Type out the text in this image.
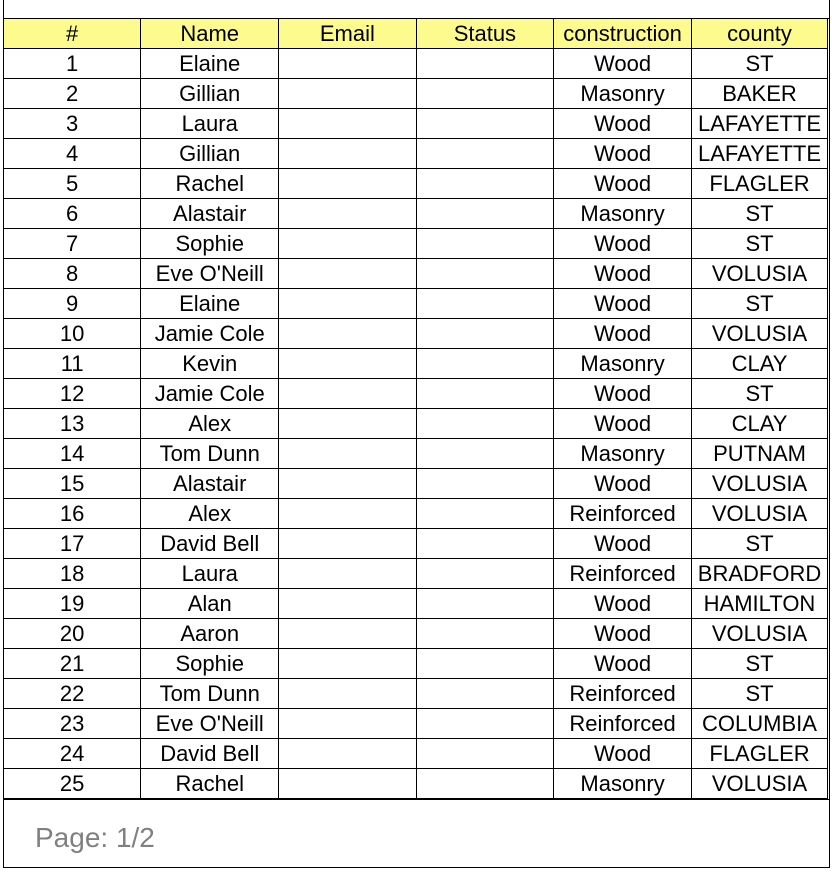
#	Name	Email	Status	construction	county
1	Elaine			Wood	ST
2	Gillian			Masonry	BAKER
3	Laura			Wood	LAFAYETTE
4	Gillian			Wood	LAFAYETTE
5	Rachel			Wood	FLAGLER
6	Alastair			Masonry	ST
7	Sophie			Wood	ST
8	Eve O'Neill			Wood	VOLUSIA
9	Elaine			Wood	ST
10	Jamie Cole			Wood	VOLUSIA
11	Kevin			Masonry	CLAY
12	Jamie Cole			Wood	ST
13	Alex			Wood	CLAY
14	Tom Dunn			Masonry	PUTNAM
15	Alastair			Wood	VOLUSIA
16	Alex			Reinforced	VOLUSIA
17	David Bell			Wood	ST
18	Laura			Reinforced	BRADFORD
19	Alan			Wood	HAMILTON
20	Aaron			Wood	VOLUSIA
21	Sophie			Wood	ST
22	Tom Dunn			Reinforced	ST
23	Eve O'Neill			Reinforced	COLUMBIA
24	David Bell			Wood	FLAGLER
25	Rachel			Masonry	VOLUSIA
Page: 1/2
